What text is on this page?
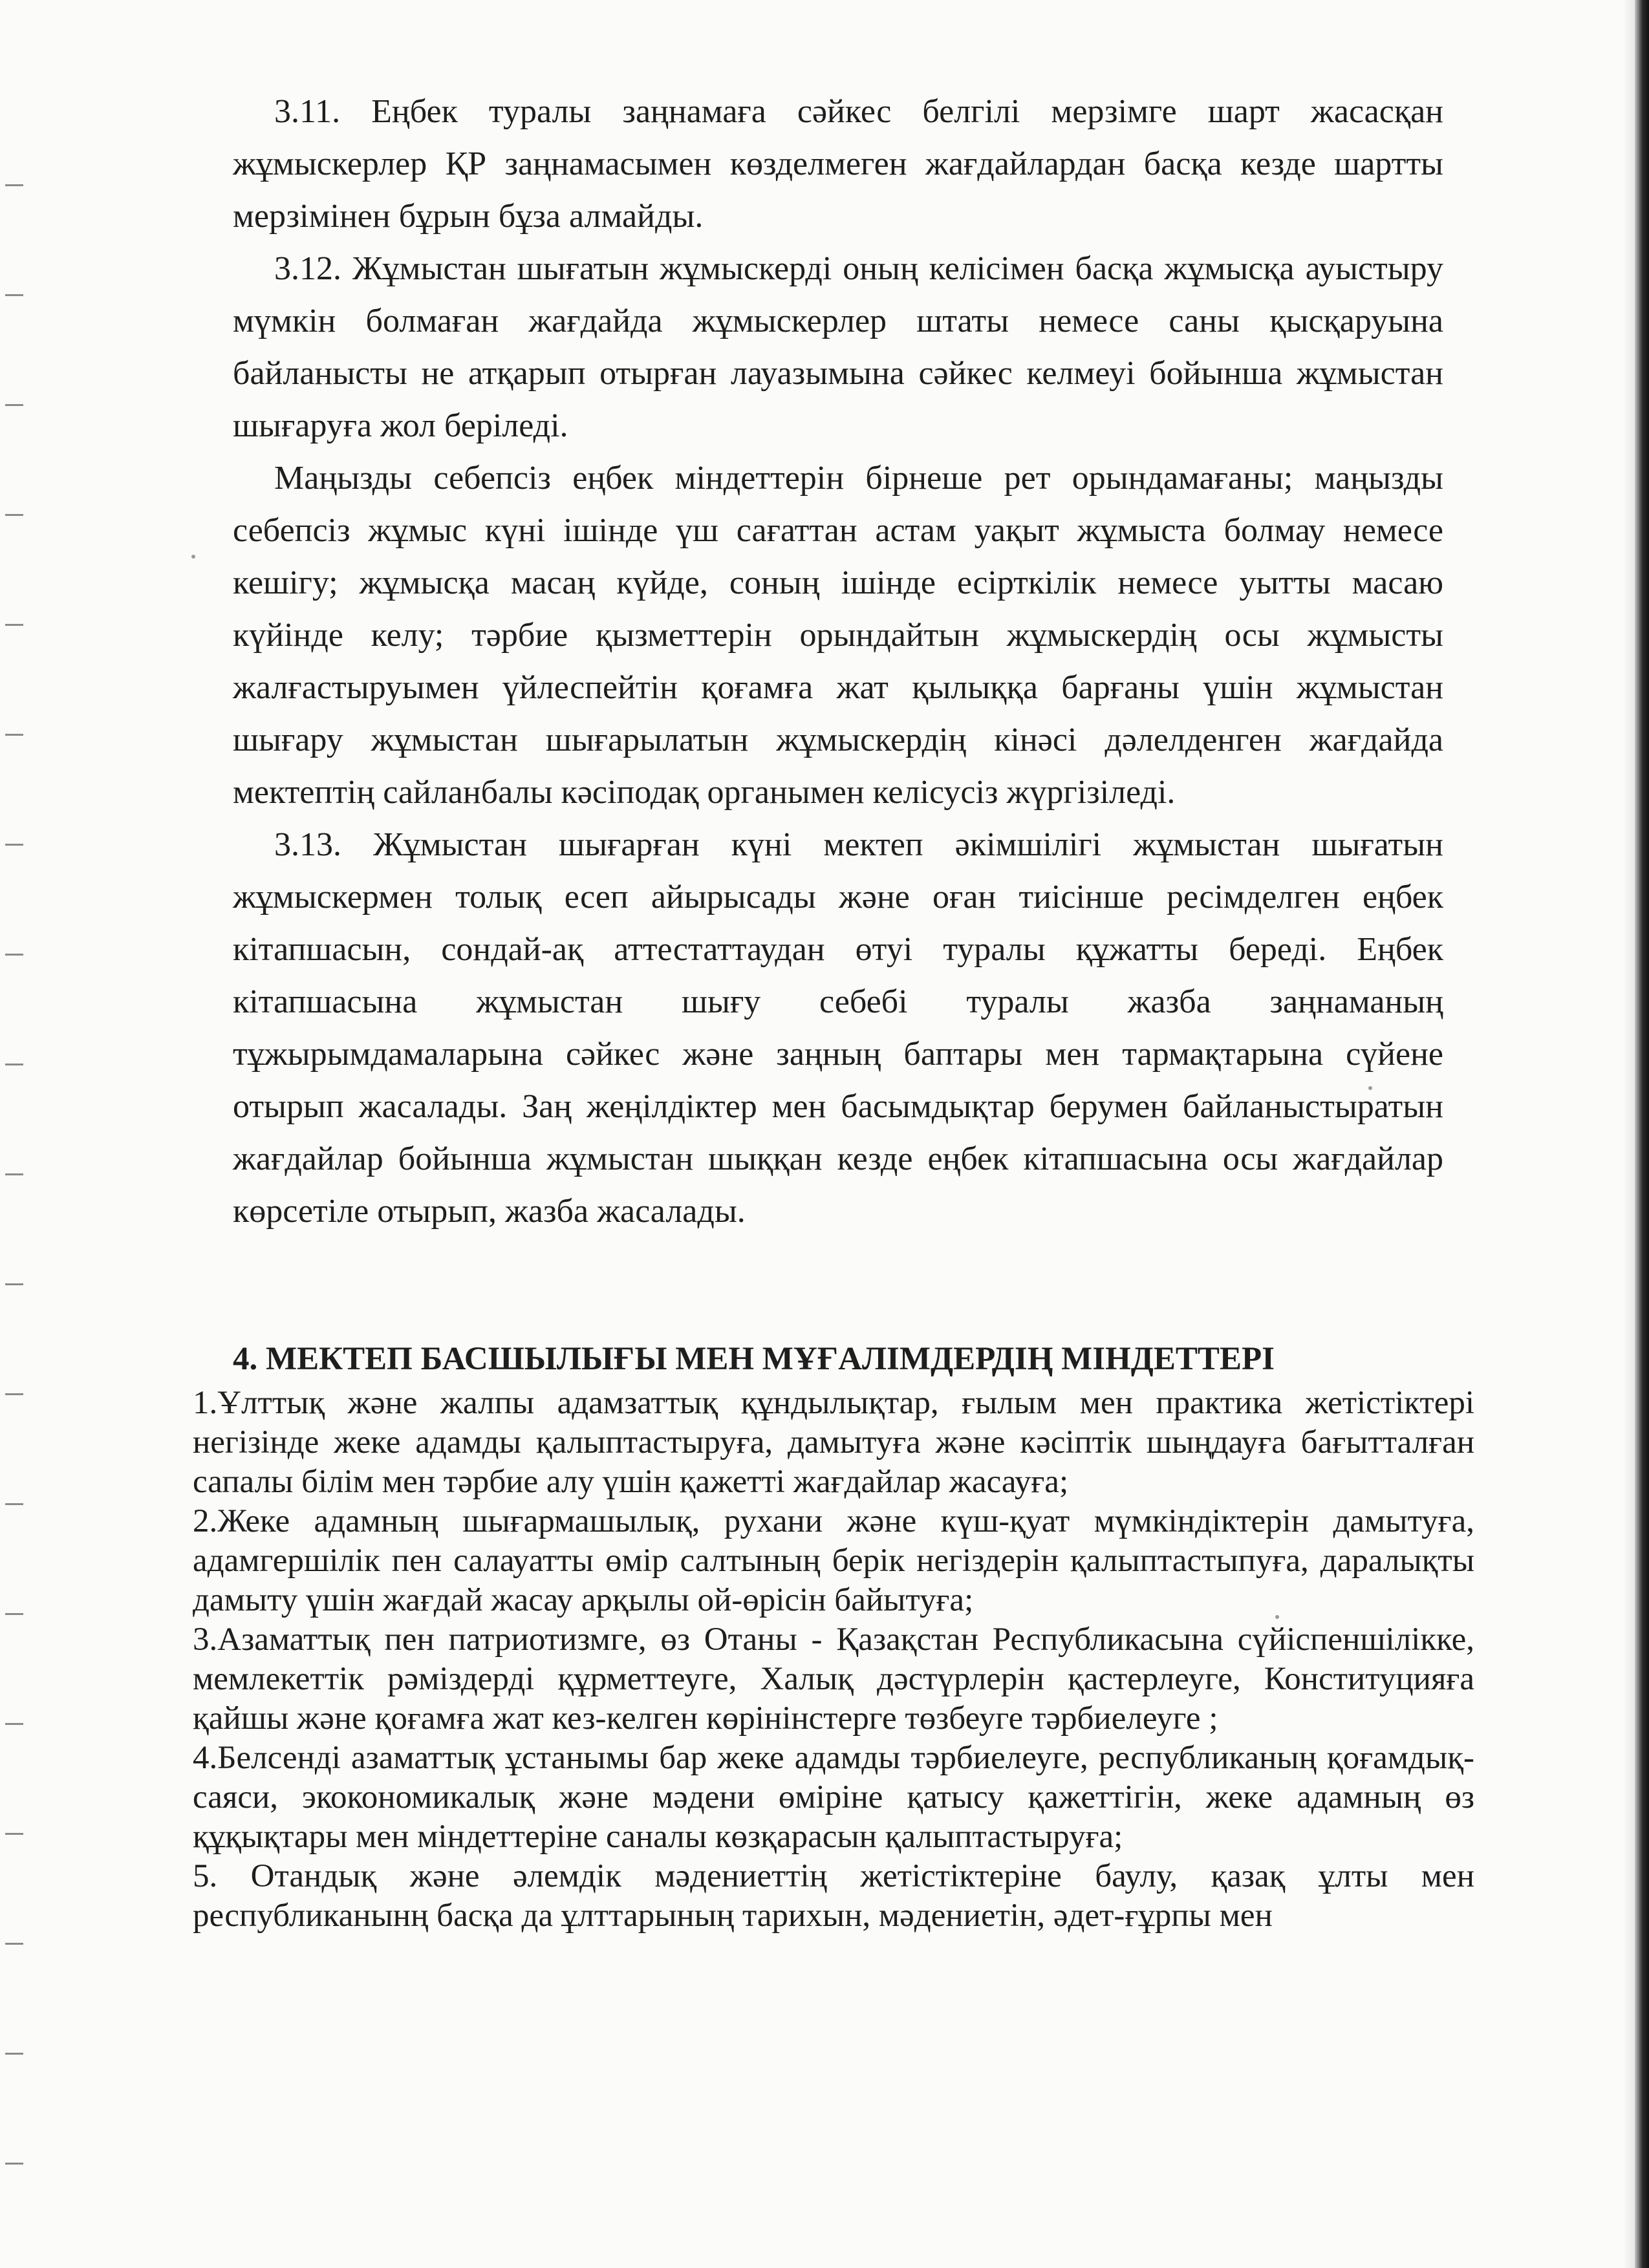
3.11. Еңбек туралы заңнамаға сәйкес белгілі мерзімге шарт жасасқан жұмыскерлер ҚР заңнамасымен көзделмеген жағдайлардан басқа кезде шартты мерзімінен бұрын бұза алмайды.

3.12. Жұмыстан шығатын жұмыскерді оның келісімен басқа жұмысқа ауыстыру мүмкін болмаған жағдайда жұмыскерлер штаты немесе саны қысқаруына байланысты не атқарып отырған лауазымына сәйкес келмеуі бойынша жұмыстан шығаруға жол беріледі.

Маңызды себепсіз еңбек міндеттерін бірнеше рет орындамағаны; маңызды себепсіз жұмыс күні ішінде үш сағаттан астам уақыт жұмыста болмау немесе кешігу; жұмысқа масаң күйде, соның ішінде есірткілік немесе уытты масаю күйінде келу; тәрбие қызметтерін орындайтын жұмыскердің осы жұмысты жалғастыруымен үйлеспейтін қоғамға жат қылыққа барғаны үшін жұмыстан шығару жұмыстан шығарылатын жұмыскердің кінәсі дәлелденген жағдайда мектептің сайланбалы кәсіподақ органымен келісусіз жүргізіледі.

3.13. Жұмыстан шығарған күні мектеп әкімшілігі жұмыстан шығатын жұмыскермен толық есеп айырысады және оған тиісінше ресімделген еңбек кітапшасын, сондай-ақ аттестаттаудан өтуі туралы құжатты береді. Еңбек кітапшасына жұмыстан шығу себебі туралы жазба заңнаманың тұжырымдамаларына сәйкес және заңның баптары мен тармақтарына сүйене отырып жасалады. Заң жеңілдіктер мен басымдықтар берумен байланыстыратын жағдайлар бойынша жұмыстан шыққан кезде еңбек кітапшасына осы жағдайлар көрсетіле отырып, жазба жасалады.

4. МЕКТЕП БАСШЫЛЫҒЫ МЕН МҰҒАЛІМДЕРДІҢ МІНДЕТТЕРІ

1.Ұлттық және жалпы адамзаттық құндылықтар, ғылым мен практика жетістіктері негізінде жеке адамды қалыптастыруға, дамытуға және кәсіптік шыңдауға бағытталған сапалы білім мен тәрбие алу үшін қажетті жағдайлар жасауға;

2.Жеке адамның шығармашылық, рухани және күш-қуат мүмкіндіктерін дамытуға, адамгершілік пен салауатты өмір салтының берік негіздерін қалыптастыпуға, даралықты дамыту үшін жағдай жасау арқылы ой-өрісін байытуға;

3.Азаматтық пен патриотизмге, өз Отаны - Қазақстан Республикасына сүйіспеншілікке, мемлекеттік рәміздерді құрметтеуге, Халық дәстүрлерін қастерлеуге, Конституцияға қайшы және қоғамға жат кез-келген көрінінстерге төзбеуге тәрбиелеуге ;

4.Белсенді азаматтық ұстанымы бар жеке адамды тәрбиелеуге, республиканың қоғамдық-саяси, экокономикалық және мәдени өміріне қатысу қажеттігін, жеке адамның өз құқықтары мен міндеттеріне саналы көзқарасын қалыптастыруға;

5. Отандық және әлемдік мәдениеттің жетістіктеріне баулу, қазақ ұлты мен республиканынң басқа да ұлттарының тарихын, мәдениетін, әдет-ғұрпы мен
